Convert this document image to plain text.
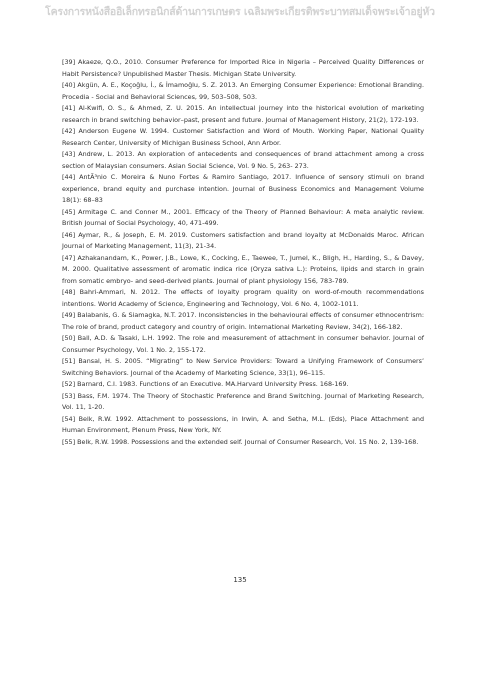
โครงการหนังสืออิเล็กทรอนิกส์ด้านการเกษตร เฉลิมพระเกียรติพระบาทสมเด็จพระเจ้าอยู่หัว
[39] Akaeze, Q.O., 2010. Consumer Preference for Imported Rice in Nigeria – Perceived Quality Differences or Habit Persistence? Unpublished Master Thesis. Michigan State University.
[40] Akgün, A. E., Koçoğlu, İ., & İmamoğlu, S. Z. 2013. An Emerging Consumer Experience: Emotional Branding. Procedia - Social and Behavioral Sciences, 99, 503–508, 503.
[41] Al-Kwifi, O. S., & Ahmed, Z. U. 2015. An intellectual journey into the historical evolution of marketing research in brand switching behavior–past, present and future. Journal of Management History, 21(2), 172-193.
[42] Anderson Eugene W. 1994. Customer Satisfaction and Word of Mouth. Working Paper, National Quality Research Center, University of Michigan Business School, Ann Arbor.
[43] Andrew, L. 2013. An exploration of antecedents and consequences of brand attachment among a cross section of Malaysian consumers. Asian Social Science, Vol. 9 No. 5, 263- 273.
[44] AntÃ³nio C. Moreira & Nuno Fortes & Ramiro Santiago, 2017. Influence of sensory stimuli on brand experience, brand equity and purchase intention. Journal of Business Economics and Management Volume 18(1): 68–83
[45] Armitage C. and Conner M., 2001. Efficacy of the Theory of Planned Behaviour: A meta analytic review. British Journal of Social Psychology, 40, 471-499.
[46] Aymar, R., & Joseph, E. M. 2019. Customers satisfaction and brand loyalty at McDonalds Maroc. African Journal of Marketing Management, 11(3), 21-34.
[47] Azhakanandam, K., Power, J.B., Lowe, K., Cocking, E., Taewee, T., Jumel, K., Bligh, H., Harding, S., & Davey, M. 2000. Qualitative assessment of aromatic indica rice (Oryza sativa L.): Proteins, lipids and starch in grain from somatic embryo- and seed-derived plants. Journal of plant physiology 156, 783-789.
[48] Bahri-Ammari, N. 2012. The effects of loyalty program quality on word-of-mouth recommendations intentions. World Academy of Science, Engineering and Technology, Vol. 6 No. 4, 1002-1011.
[49] Balabanis, G. & Siamagka, N.T. 2017. Inconsistencies in the behavioural effects of consumer ethnocentrism: The role of brand, product category and country of origin. International Marketing Review, 34(2), 166-182.
[50] Ball, A.D. & Tasaki, L.H. 1992. The role and measurement of attachment in consumer behavior. Journal of Consumer Psychology, Vol. 1 No. 2, 155-172.
[51] Bansal, H. S. 2005. “Migrating” to New Service Providers: Toward a Unifying Framework of Consumers’ Switching Behaviors. Journal of the Academy of Marketing Science, 33(1), 96–115.
[52] Barnard, C.I. 1983. Functions of an Executive. MA.Harvard University Press. 168-169.
[53] Bass, F.M. 1974. The Theory of Stochastic Preference and Brand Switching. Journal of Marketing Research, Vol. 11, 1-20.
[54] Belk, R.W. 1992. Attachment to possessions, in Irwin, A. and Setha, M.L. (Eds), Place Attachment and Human Environment, Plenum Press, New York, NY.
[55] Belk, R.W. 1998. Possessions and the extended self. Journal of Consumer Research, Vol. 15 No. 2, 139-168.
135
